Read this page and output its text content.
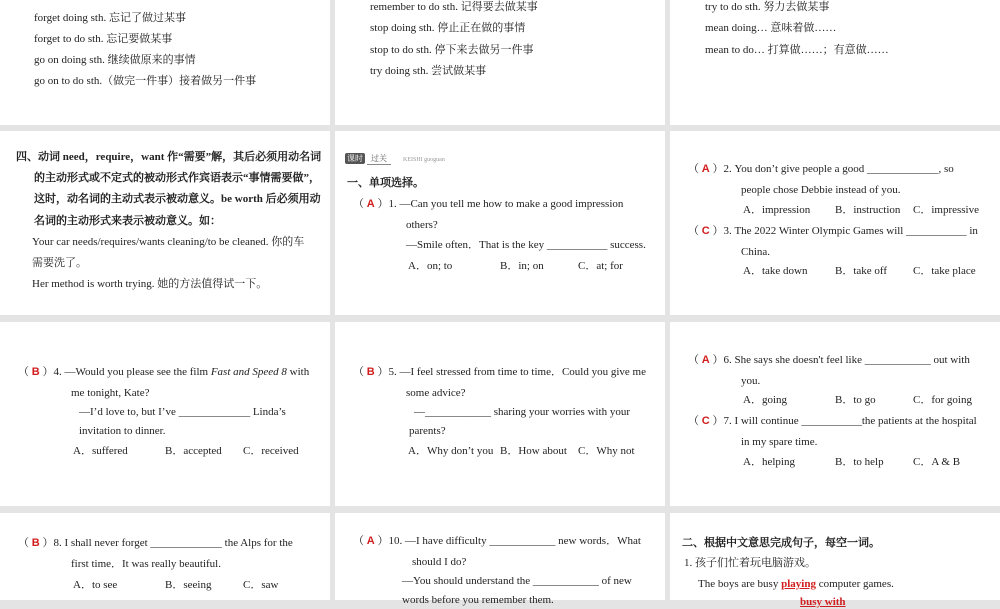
forget doing sth. 忘记了做过某事
forget to do sth. 忘记要做某事
go on doing sth. 继续做原来的事情
go on to do sth.（做完一件事）接着做另一件事
remember to do sth. 记得要去做某事
stop doing sth. 停止正在做的事情
stop to do sth. 停下来去做另一件事
try doing sth. 尝试做某事
try to do sth. 努力去做某事
mean doing… 意味着做……
mean to do… 打算做……；有意做……
四、动词 need，require，want 作“需要”解，其后必须用动名词
的主动形式或不定式的被动形式作宾语表示“事情需要做”，
这时，动名词的主动式表示被动意义。be worth 后必须用动
名词的主动形式来表示被动意义。如：
Your car needs/requires/wants cleaning/to be cleaned. 你的车
需要洗了。
Her method is worth trying. 她的方法值得试一下。
课时 过关	KEISHI guoguan
一、单项选择。
（ A ）1. —Can you tell me how to make a good impression
others?
—Smile often．That is the key ___________ success.
A．on; to	B．in; on	C．at; for
（ A ）2. You don’t give people a good _____________, so
people chose Debbie instead of you.
A．impression B．instruction C．impressive
（ C ）3. The 2022 Winter Olympic Games will ___________ in
China.
A．take down	B．take off C．take place
（ B ）4. —Would you please see the film Fast and Speed 8 with
me tonight, Kate?
—I’d love to, but I’ve _____________ Linda’s
invitation to dinner.
A．suffered	B．accepted C．received
（ B ）5. —I feel stressed from time to time．Could you give me
some advice?
—____________ sharing your worries with your
parents?
A．Why don’t you B．How about C．Why not
（ A ）6. She says she doesn't feel like ____________ out with
you.
A．going	B．to go	C．for going
（ C ）7. I will continue ___________the patients at the hospital
in my spare time.
A．helping	B．to help	C．A & B
（ B ）8. I shall never forget _____________ the Alps for the
first time．It was really beautiful.
A．to see	B．seeing	C．saw
（ A ）10. —I have difficulty ____________ new words．What
should I do?
—You should understand the ____________ of new
words before you remember them.
二、根据中文意思完成句子，每空一词。
1. 孩子们忙着玩电脑游戏。
The boys are busy playing computer games.
busy with
